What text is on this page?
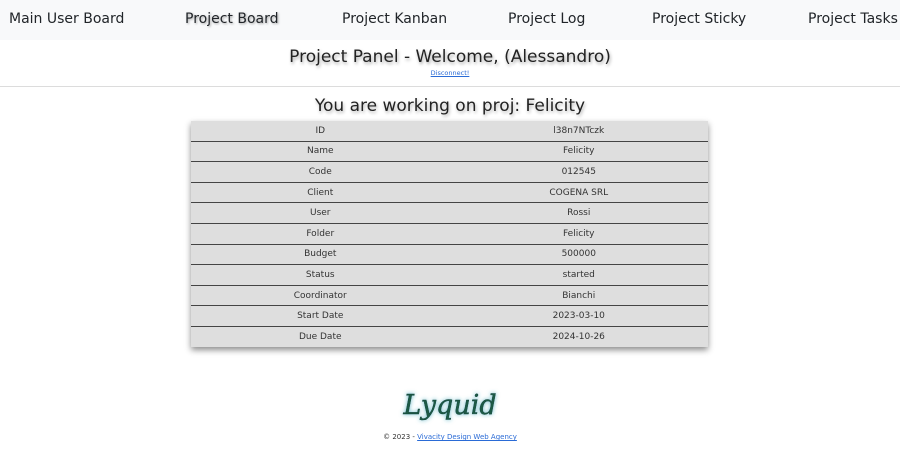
Main User Board	Project Board	Project Kanban	Project Log	Project Sticky	Project Tasks
Project Panel - Welcome, (Alessandro)
Disconnect!
You are working on proj: Felicity
ID	l38n7NTczk
Name	Felicity
Code	012545
Client	COGENA SRL
User	Rossi
Folder	Felicity
Budget	500000
Status	started
Coordinator	Bianchi
Start Date	2023-03-10
Due Date	2024-10-26
Lyquid
© 2023 - Vivacity Design Web Agency
